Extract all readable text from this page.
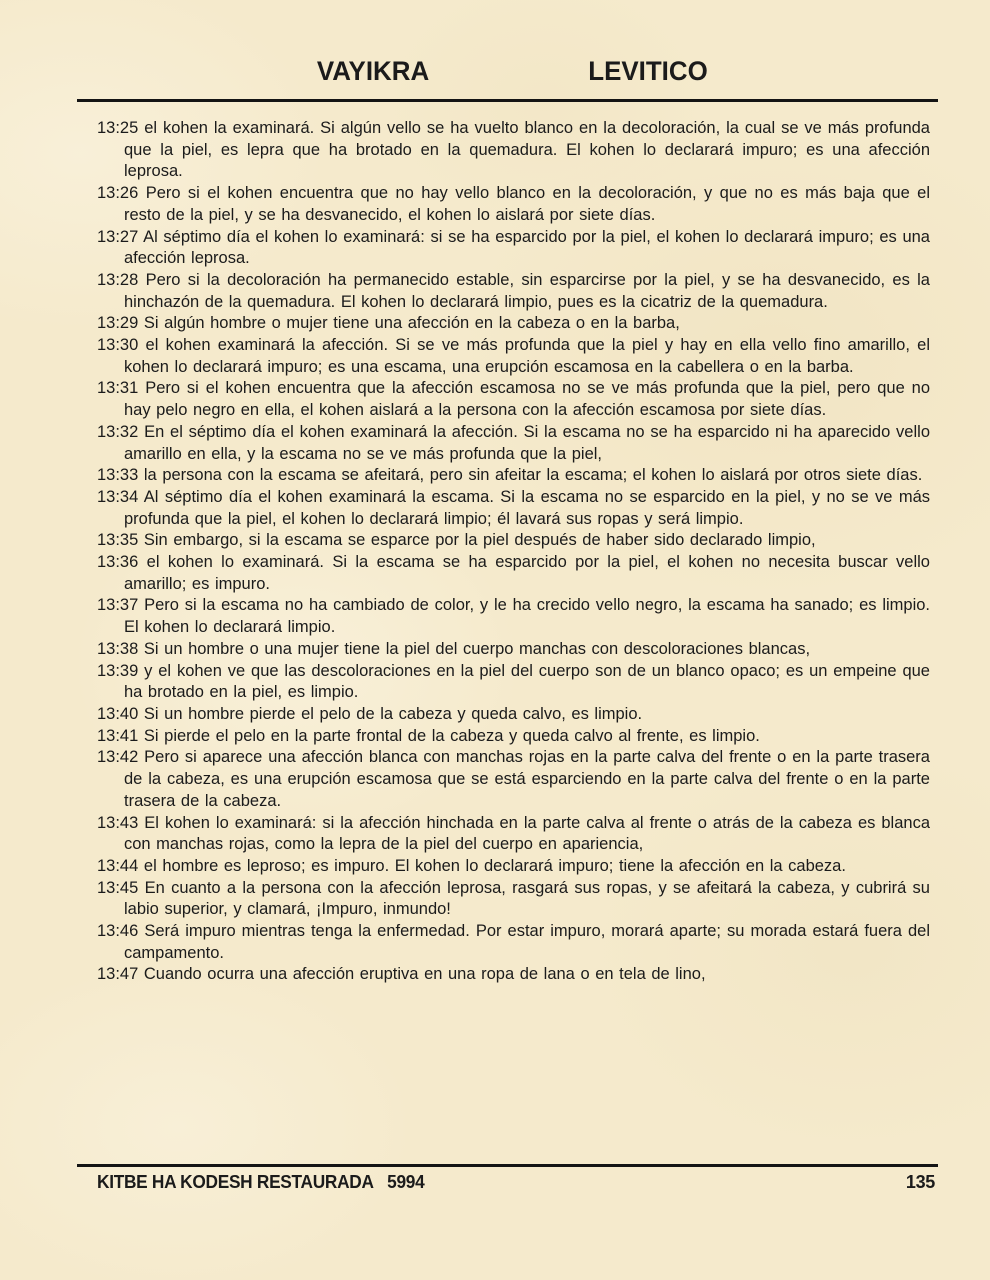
VAYIKRA	LEVITICO

13:25 el kohen la examinará. Si algún vello se ha vuelto blanco en la decoloración, la cual se ve más profunda que la piel, es lepra que ha brotado en la quemadura. El kohen lo declarará impuro; es una afección leprosa.

13:26 Pero si el kohen encuentra que no hay vello blanco en la decoloración, y que no es más baja que el resto de la piel, y se ha desvanecido, el kohen lo aislará por siete días.

13:27 Al séptimo día el kohen lo examinará: si se ha esparcido por la piel, el kohen lo declarará impuro; es una afección leprosa.

13:28 Pero si la decoloración ha permanecido estable, sin esparcirse por la piel, y se ha desvanecido, es la hinchazón de la quemadura. El kohen lo declarará limpio, pues es la cicatriz de la quemadura.

13:29 Si algún hombre o mujer tiene una afección en la cabeza o en la barba,

13:30 el kohen examinará la afección. Si se ve más profunda que la piel y hay en ella vello fino amarillo, el kohen lo declarará impuro; es una escama, una erupción escamosa en la cabellera o en la barba.

13:31 Pero si el kohen encuentra que la afección escamosa no se ve más profunda que la piel, pero que no hay pelo negro en ella, el kohen aislará a la persona con la afección escamosa por siete días.

13:32 En el séptimo día el kohen examinará la afección. Si la escama no se ha esparcido ni ha aparecido vello amarillo en ella, y la escama no se ve más profunda que la piel,

13:33 la persona con la escama se afeitará, pero sin afeitar la escama; el kohen lo aislará por otros siete días.

13:34 Al séptimo día el kohen examinará la escama. Si la escama no se esparcido en la piel, y no se ve más profunda que la piel, el kohen lo declarará limpio; él lavará sus ropas y será limpio.

13:35 Sin embargo, si la escama se esparce por la piel después de haber sido declarado limpio,

13:36 el kohen lo examinará. Si la escama se ha esparcido por la piel, el kohen no necesita buscar vello amarillo; es impuro.

13:37 Pero si la escama no ha cambiado de color, y le ha crecido vello negro, la escama ha sanado; es limpio. El kohen lo declarará limpio.

13:38 Si un hombre o una mujer tiene la piel del cuerpo manchas con descoloraciones blancas,

13:39 y el kohen ve que las descoloraciones en la piel del cuerpo son de un blanco opaco; es un empeine que ha brotado en la piel, es limpio.

13:40 Si un hombre pierde el pelo de la cabeza y queda calvo, es limpio.

13:41 Si pierde el pelo en la parte frontal de la cabeza y queda calvo al frente, es limpio.

13:42 Pero si aparece una afección blanca con manchas rojas en la parte calva del frente o en la parte trasera de la cabeza, es una erupción escamosa que se está esparciendo en la parte calva del frente o en la parte trasera de la cabeza.

13:43 El kohen lo examinará: si la afección hinchada en la parte calva al frente o atrás de la cabeza es blanca con manchas rojas, como la lepra de la piel del cuerpo en apariencia,

13:44 el hombre es leproso; es impuro. El kohen lo declarará impuro; tiene la afección en la cabeza.

13:45 En cuanto a la persona con la afección leprosa, rasgará sus ropas, y se afeitará la cabeza, y cubrirá su labio superior, y clamará, ¡Impuro, inmundo!

13:46 Será impuro mientras tenga la enfermedad. Por estar impuro, morará aparte; su morada estará fuera del campamento.

13:47 Cuando ocurra una afección eruptiva en una ropa de lana o en tela de lino,

KITBE HA KODESH RESTAURADA 5994	135
